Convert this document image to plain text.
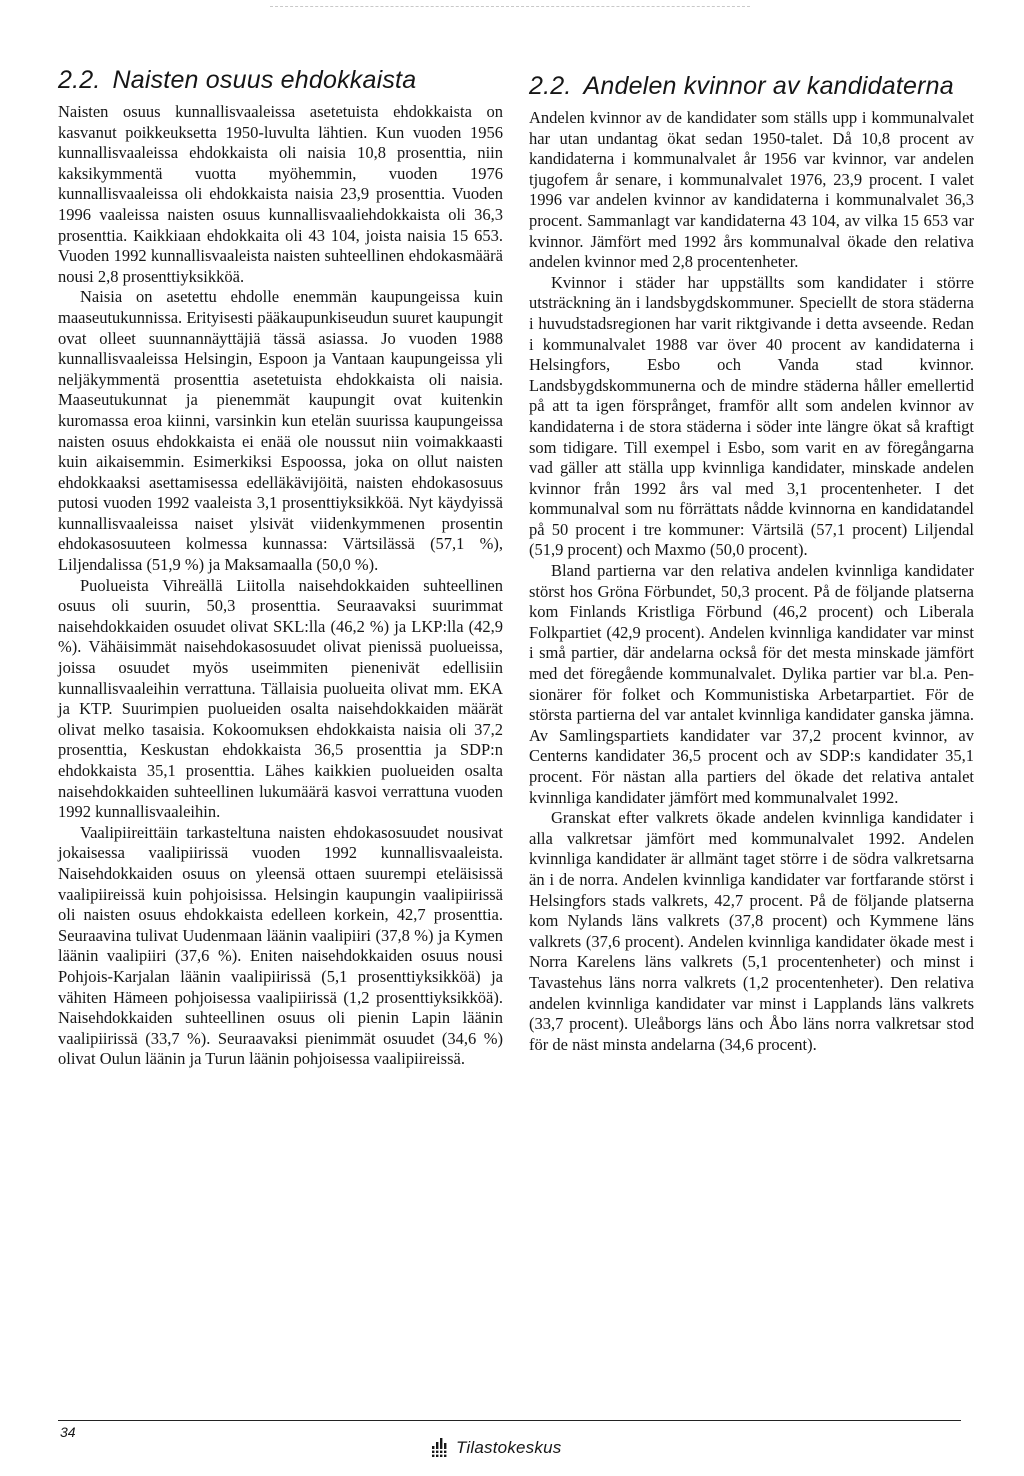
2.2. Naisten osuus ehdokkaista

Naisten osuus kunnallisvaaleissa asetetuista ehdokkaista on kasvanut poikkeuksetta 1950-luvulta lähtien. Kun vuoden 1956 kunnallisvaaleissa ehdokkaista oli naisia 10,8 prosenttia, niin kaksikymmentä vuotta myöhemmin, vuoden 1976 kunnallisvaaleissa oli ehdokkaista naisia 23,9 prosenttia. Vuoden 1996 vaaleissa naisten osuus kunnallisvaaliehdokkaista oli 36,3 prosenttia. Kaikkiaan ehdokkaita oli 43 104, joista naisia 15 653. Vuoden 1992 kunnallisvaaleista naisten suhteellinen ehdokasmäärä nousi 2,8 prosenttiyksikköä.

Naisia on asetettu ehdolle enemmän kaupungeissa kuin maaseutukunnissa. Erityisesti pääkaupunkiseudun suuret kaupungit ovat olleet suunnannäyttäjiä tässä asiassa. Jo vuoden 1988 kunnallisvaaleissa Helsingin, Espoon ja Vantaan kaupungeissa yli neljäkymmentä prosenttia asetetuista ehdokkaista oli naisia. Maaseutukunnat ja pienemmät kaupungit ovat kuitenkin kuromassa eroa kiinni, varsinkin kun etelän suurissa kaupungeissa naisten osuus ehdokkaista ei enää ole noussut niin voimakkaasti kuin aikaisemmin. Esimerkiksi Espoossa, joka on ollut naisten ehdokkaaksi asettamisessa edelläkävijöitä, naisten ehdokasosuus putosi vuoden 1992 vaaleista 3,1 prosenttiyksikköä. Nyt käydyissä kunnallisvaaleissa naiset ylsivät viidenkymmenen prosentin ehdokasosuuteen kolmessa kunnassa: Värtsilässä (57,1 %), Liljendalissa (51,9 %) ja Maksamaalla (50,0 %).

Puolueista Vihreällä Liitolla naisehdokkaiden suhteellinen osuus oli suurin, 50,3 prosenttia. Seuraavaksi suurimmat naisehdokkaiden osuudet olivat SKL:lla (46,2 %) ja LKP:lla (42,9 %). Vähäisimmät naisehdokasosuudet olivat pienissä puolueissa, joissa osuudet myös useimmiten pienenivät edellisiin kunnallisvaaleihin verrattuna. Tällaisia puolueita olivat mm. EKA ja KTP. Suurimpien puolueiden osalta naisehdokkaiden määrät olivat melko tasaisia. Kokoomuksen ehdokkaista naisia oli 37,2 prosenttia, Keskustan ehdokkaista 36,5 prosenttia ja SDP:n ehdokkaista 35,1 prosenttia. Lähes kaikkien puolueiden osalta naisehdokkaiden suhteellinen lukumäärä kasvoi verrattuna vuoden 1992 kunnallisvaaleihin.

Vaalipiireittäin tarkasteltuna naisten ehdokasosuudet nousivat jokaisessa vaalipiirissä vuoden 1992 kunnallisvaaleista. Naisehdokkaiden osuus on yleensä ottaen suurempi eteläisissä vaalipiireissä kuin pohjoisissa. Helsingin kaupungin vaalipiirissä oli naisten osuus ehdokkaista edelleen korkein, 42,7 prosenttia. Seuraavina tulivat Uudenmaan läänin vaalipiiri (37,8 %) ja Kymen läänin vaalipiiri (37,6 %). Eniten naisehdokkaiden osuus nousi Pohjois-Karjalan läänin vaalipiirissä (5,1 prosenttiyksikköä) ja vähiten Hämeen pohjoisessa vaalipiirissä (1,2 prosenttiyksikköä). Naisehdokkaiden suhteellinen osuus oli pienin Lapin läänin vaalipiirissä (33,7 %). Seuraavaksi pienimmät osuudet (34,6 %) olivat Oulun läänin ja Turun läänin pohjoisessa vaalipiireissä.

2.2. Andelen kvinnor av kandidaterna

Andelen kvinnor av de kandidater som ställs upp i kommunalvalet har utan undantag ökat sedan 1950-talet. Då 10,8 procent av kandidaterna i kommunalvalet år 1956 var kvinnor, var andelen tjugofem år senare, i kommunalvalet 1976, 23,9 procent. I valet 1996 var andelen kvinnor av kandidaterna i kommunalvalet 36,3 procent. Sammanlagt var kandidaterna 43 104, av vilka 15 653 var kvinnor. Jämfört med 1992 års kommunalval ökade den relativa andelen kvinnor med 2,8 procentenheter.

Kvinnor i städer har uppställts som kandidater i större utsträckning än i landsbygdskommuner. Speciellt de stora städerna i huvudstadsregionen har varit riktgivande i detta avseende. Redan i kommunalvalet 1988 var över 40 procent av kandidaterna i Helsingfors, Esbo och Vanda stad kvinnor. Landsbygdskommunerna och de mindre städerna håller emellertid på att ta igen försprånget, framför allt som andelen kvinnor av kandidaterna i de stora städerna i söder inte längre ökat så kraftigt som tidigare. Till exempel i Esbo, som varit en av föregångarna vad gäller att ställa upp kvinnliga kandidater, minskade andelen kvinnor från 1992 års val med 3,1 procentenheter. I det kommunalval som nu förrättats nådde kvinnorna en kandidatandel på 50 procent i tre kommuner: Värtsilä (57,1 procent) Liljendal (51,9 procent) och Maxmo (50,0 procent).

Bland partierna var den relativa andelen kvinnliga kandidater störst hos Gröna Förbundet, 50,3 procent. På de följande platserna kom Finlands Kristliga Förbund (46,2 procent) och Liberala Folkpartiet (42,9 procent). Andelen kvinnliga kandidater var minst i små partier, där andelarna också för det mesta minskade jämfört med det föregående kommunalvalet. Dylika partier var bl.a. Pensionärer för folket och Kommunistiska Arbetarpartiet. För de största partierna del var antalet kvinnliga kandidater ganska jämna. Av Samlingspartiets kandidater var 37,2 procent kvinnor, av Centerns kandidater 36,5 procent och av SDP:s kandidater 35,1 procent. För nästan alla partiers del ökade det relativa antalet kvinnliga kandidater jämfört med kommunalvalet 1992.

Granskat efter valkrets ökade andelen kvinnliga kandidater i alla valkretsar jämfört med kommunalvalet 1992. Andelen kvinnliga kandidater är allmänt taget större i de södra valkretsarna än i de norra. Andelen kvinnliga kandidater var fortfarande störst i Helsingfors stads valkrets, 42,7 procent. På de följande platserna kom Nylands läns valkrets (37,8 procent) och Kymmene läns valkrets (37,6 procent). Andelen kvinnliga kandidater ökade mest i Norra Karelens läns valkrets (5,1 procentenheter) och minst i Tavastehus läns norra valkrets (1,2 procentenheter). Den relativa andelen kvinnliga kandidater var minst i Lapplands läns valkrets (33,7 procent). Uleåborgs läns och Åbo läns norra valkretsar stod för de näst minsta andelarna (34,6 procent).

34
Tilastokeskus
